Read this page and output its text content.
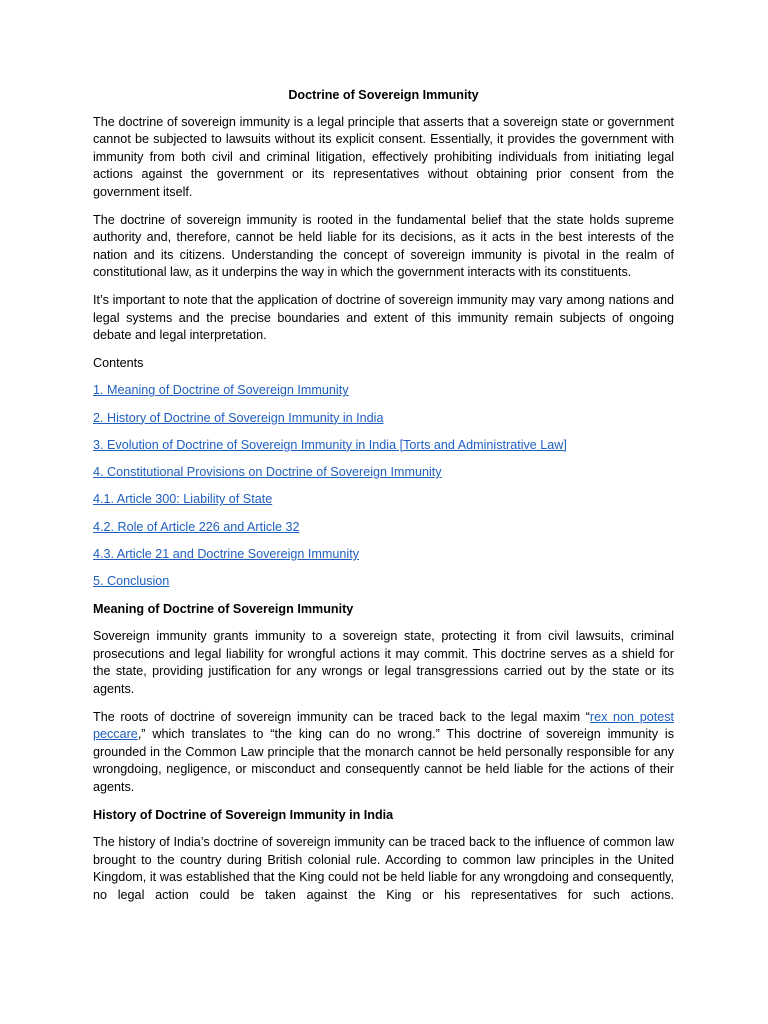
Doctrine of Sovereign Immunity

The doctrine of sovereign immunity is a legal principle that asserts that a sovereign state or government cannot be subjected to lawsuits without its explicit consent. Essentially, it provides the government with immunity from both civil and criminal litigation, effectively prohibiting individuals from initiating legal actions against the government or its representatives without obtaining prior consent from the government itself.

The doctrine of sovereign immunity is rooted in the fundamental belief that the state holds supreme authority and, therefore, cannot be held liable for its decisions, as it acts in the best interests of the nation and its citizens. Understanding the concept of sovereign immunity is pivotal in the realm of constitutional law, as it underpins the way in which the government interacts with its constituents.

It’s important to note that the application of doctrine of sovereign immunity may vary among nations and legal systems and the precise boundaries and extent of this immunity remain subjects of ongoing debate and legal interpretation.

Contents
1. Meaning of Doctrine of Sovereign Immunity
2. History of Doctrine of Sovereign Immunity in India
3. Evolution of Doctrine of Sovereign Immunity in India [Torts and Administrative Law]
4. Constitutional Provisions on Doctrine of Sovereign Immunity
4.1. Article 300: Liability of State
4.2. Role of Article 226 and Article 32
4.3. Article 21 and Doctrine Sovereign Immunity
5. Conclusion
Meaning of Doctrine of Sovereign Immunity

Sovereign immunity grants immunity to a sovereign state, protecting it from civil lawsuits, criminal prosecutions and legal liability for wrongful actions it may commit. This doctrine serves as a shield for the state, providing justification for any wrongs or legal transgressions carried out by the state or its agents.

The roots of doctrine of sovereign immunity can be traced back to the legal maxim “rex non potest peccare,” which translates to “the king can do no wrong.” This doctrine of sovereign immunity is grounded in the Common Law principle that the monarch cannot be held personally responsible for any wrongdoing, negligence, or misconduct and consequently cannot be held liable for the actions of their agents.

History of Doctrine of Sovereign Immunity in India

The history of India’s doctrine of sovereign immunity can be traced back to the influence of common law brought to the country during British colonial rule. According to common law principles in the United Kingdom, it was established that the King could not be held liable for any wrongdoing and consequently, no legal action could be taken against the King or his representatives for such actions.
